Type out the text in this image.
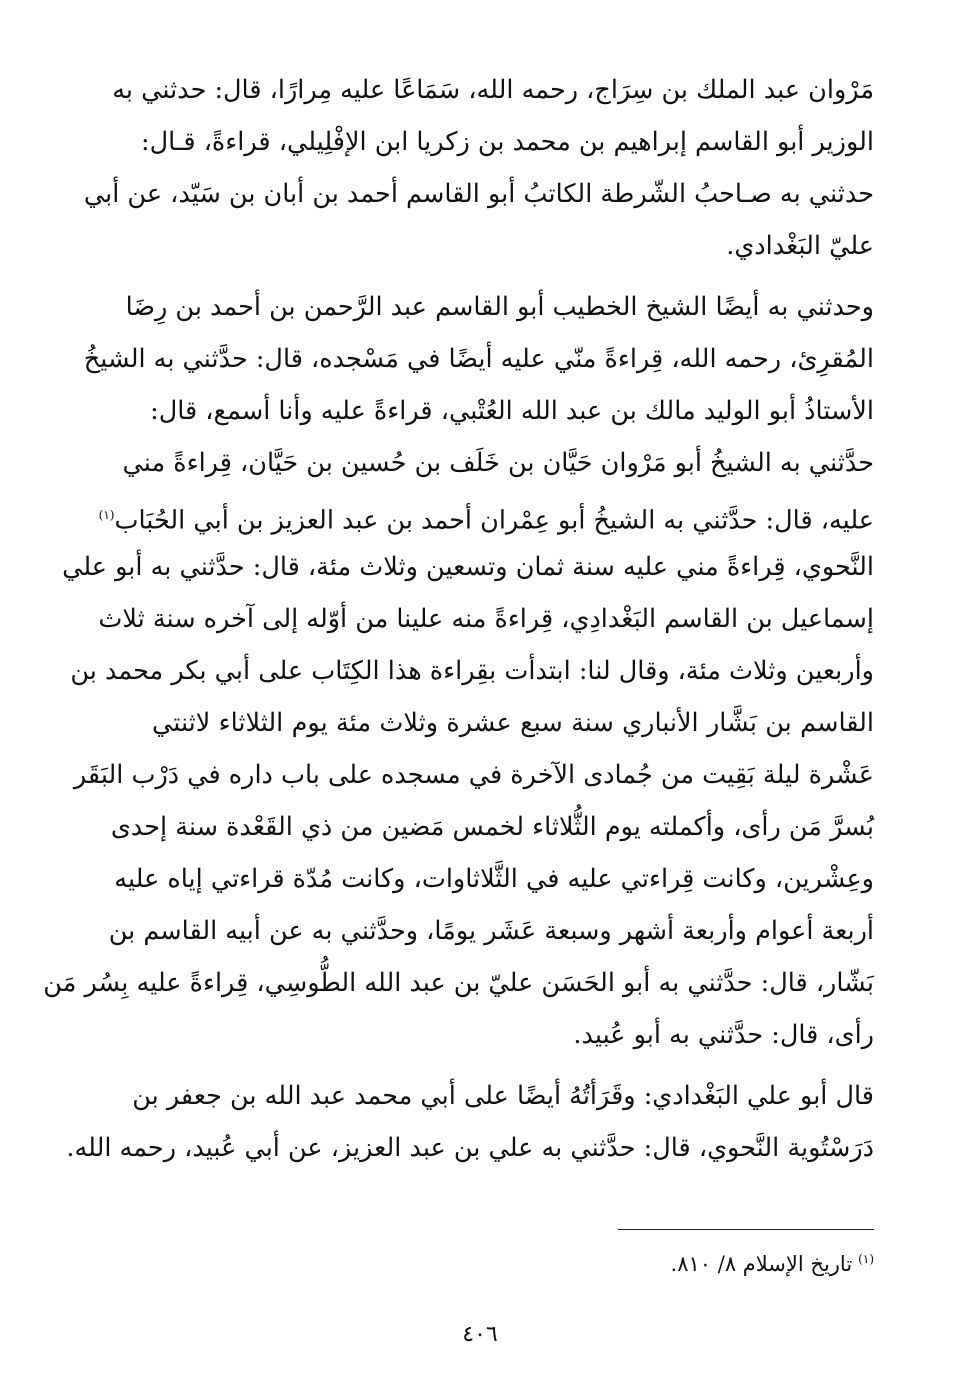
مَرْوان عبد الملك بن سِرَاج، رحمه الله، سَمَاعًا عليه مِرارًا، قال: حدثني به
الوزير أبو القاسم إبراهيم بن محمد بن زكريا ابن الإفْلِيلي، قراءةً، قـال:
حدثني به صـاحبُ الشّرطة الكاتبُ أبو القاسم أحمد بن أبان بن سَيّد، عن أبي
عليّ البَغْدادي.

وحدثني به أيضًا الشيخ الخطيب أبو القاسم عبد الرَّحمن بن أحمد بن رِضَا
المُقرِئ، رحمه الله، قِراءةً منّي عليه أيضًا في مَسْجده، قال: حدَّثني به الشيخُ
الأستاذُ أبو الوليد مالك بن عبد الله العُتْبي، قراءةً عليه وأنا أسمع، قال:
حدَّثني به الشيخُ أبو مَرْوان حَيَّان بن خَلَف بن حُسين بن حَيَّان، قِراءةً مني
عليه، قال: حدَّثني به الشيخُ أبو عِمْران أحمد بن عبد العزيز بن أبي الحُبَاب$^{(١)}$
النَّحوي، قِراءةً مني عليه سنة ثمان وتسعين وثلاث مئة، قال: حدَّثني به أبو علي
إسماعيل بن القاسم البَغْدادِي، قِراءةً منه علينا من أوّله إلى آخره سنة ثلاث
وأربعين وثلاث مئة، وقال لنا: ابتدأت بقِراءة هذا الكِتَاب على أبي بكر محمد بن
القاسم بن بَشَّار الأنباري سنة سبع عشرة وثلاث مئة يوم الثلاثاء لاثنتي
عَشْرة ليلة بَقِيت من جُمادى الآخرة في مسجده على باب داره في دَرْب البَقَر
بُسرَّ مَن رأى، وأكملته يوم الثُّلاثاء لخمس مَضين من ذي القَعْدة سنة إحدى
وعِشْرين، وكانت قِراءتي عليه في الثَّلاثاوات، وكانت مُدّة قراءتي إياه عليه
أربعة أعوام وأربعة أشهر وسبعة عَشَر يومًا، وحدَّثني به عن أبيه القاسم بن
بَشّار، قال: حدَّثني به أبو الحَسَن عليّ بن عبد الله الطُّوسِي، قِراءةً عليه بِسُر مَن
رأى، قال: حدَّثني به أبو عُبيد.

قال أبو علي البَغْدادي: وقَرَأتُهُ أيضًا على أبي محمد عبد الله بن جعفر بن
دَرَسْتُوية النَّحوي، قال: حدَّثني به علي بن عبد العزيز، عن أبي عُبيد، رحمه الله.

$^{(١)}$تاريخ الإسلام ٨/ ٨١٠.
٤٠٦
